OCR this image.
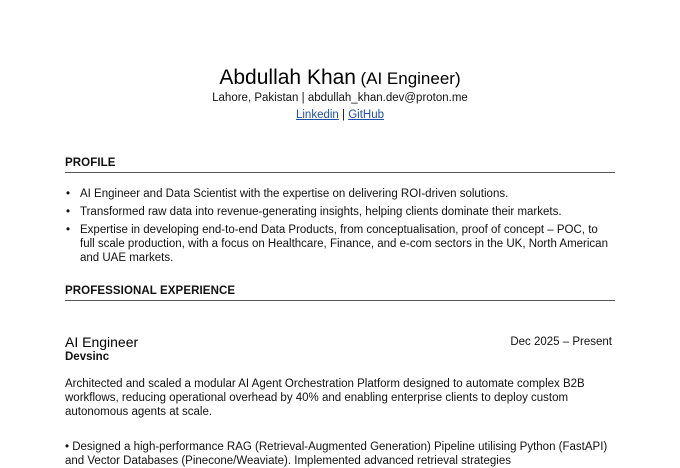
Abdullah Khan (AI Engineer)
Lahore, Pakistan | abdullah_khan.dev@proton.me
Linkedin | GitHub
PROFILE
• AI Engineer and Data Scientist with the expertise on delivering ROI-driven solutions.
• Transformed raw data into revenue-generating insights, helping clients dominate their markets.
• Expertise in developing end-to-end Data Products, from conceptualisation, proof of concept – POC, to full scale production, with a focus on Healthcare, Finance, and e-com sectors in the UK, North American and UAE markets.
PROFESSIONAL EXPERIENCE
AI Engineer	Dec 2025 – Present
Devsinc
Architected and scaled a modular AI Agent Orchestration Platform designed to automate complex B2B workflows, reducing operational overhead by 40% and enabling enterprise clients to deploy custom autonomous agents at scale.
• Designed a high-performance RAG (Retrieval-Augmented Generation) Pipeline utilising Python (FastAPI) and Vector Databases (Pinecone/Weaviate). Implemented advanced retrieval strategies
